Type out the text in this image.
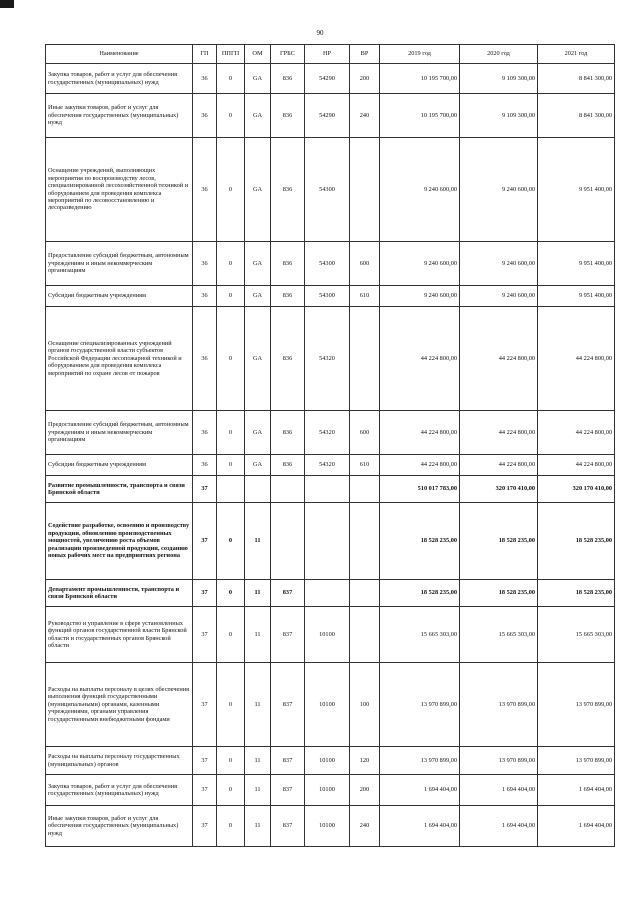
90
Наименование	ГП	ППГП	ОМ	ГРБС	НР	ВР	2019 год	2020 год	2021 год
Закупка товаров, работ и услуг для обеспечения государственных (муниципальных) нужд	36	0	GA	836	54290	200	10 195 700,00	9 109 300,00	8 841 300,00
Иные закупки товаров, работ и услуг для обеспечения государственных (муниципальных) нужд	36	0	GA	836	54290	240	10 195 700,00	9 109 300,00	8 841 300,00
Оснащение учреждений, выполняющих мероприятия по воспроизводству лесов, специализированной лесохозяйственной техникой и оборудованием для проведения комплекса мероприятий по лесовосстановлению и лесоразведению	36	0	GA	836	54300		9 240 600,00	9 240 600,00	9 951 400,00
Предоставление субсидий бюджетным, автономным учреждениям и иным некоммерческим организациям	36	0	GA	836	54300	600	9 240 600,00	9 240 600,00	9 951 400,00
Субсидии бюджетным учреждениям	36	0	GA	836	54300	610	9 240 600,00	9 240 600,00	9 951 400,00
Оснащение специализированных учреждений органов государственной власти субъектов Российской Федерации лесопожарной техникой и оборудованием для проведения комплекса мероприятий по охране лесов от пожаров	36	0	GA	836	54320		44 224 800,00	44 224 800,00	44 224 800,00
Предоставление субсидий бюджетным, автономным учреждениям и иным некоммерческим организациям	36	0	GA	836	54320	600	44 224 800,00	44 224 800,00	44 224 800,00
Субсидии бюджетным учреждениям	36	0	GA	836	54320	610	44 224 800,00	44 224 800,00	44 224 800,00
Развитие промышленности, транспорта и связи Брянской области	37						510 017 783,00	320 170 410,00	320 170 410,00
Содействие разработке, освоению и производству продукции, обновлению производственных мощностей, увеличению роста объемов реализации произведенной продукции, созданию новых рабочих мест на предприятиях региона	37	0	11				18 528 235,00	18 528 235,00	18 528 235,00
Департамент промышленности, транспорта и связи Брянской области	37	0	11	837			18 528 235,00	18 528 235,00	18 528 235,00
Руководство и управление в сфере установленных функций органов государственной власти Брянской области и государственных органов Брянской области	37	0	11	837	10100		15 665 303,00	15 665 303,00	15 665 303,00
Расходы на выплаты персоналу в целях обеспечения выполнения функций государственными (муниципальными) органами, казенными учреждениями, органами управления государственными внебюджетными фондами	37	0	11	837	10100	100	13 970 899,00	13 970 899,00	13 970 899,00
Расходы на выплаты персоналу государственных (муниципальных) органов	37	0	11	837	10100	120	13 970 899,00	13 970 899,00	13 970 899,00
Закупка товаров, работ и услуг для обеспечения государственных (муниципальных) нужд	37	0	11	837	10100	200	1 694 404,00	1 694 404,00	1 694 404,00
Иные закупки товаров, работ и услуг для обеспечения государственных (муниципальных) нужд	37	0	11	837	10100	240	1 694 404,00	1 694 404,00	1 694 404,00
